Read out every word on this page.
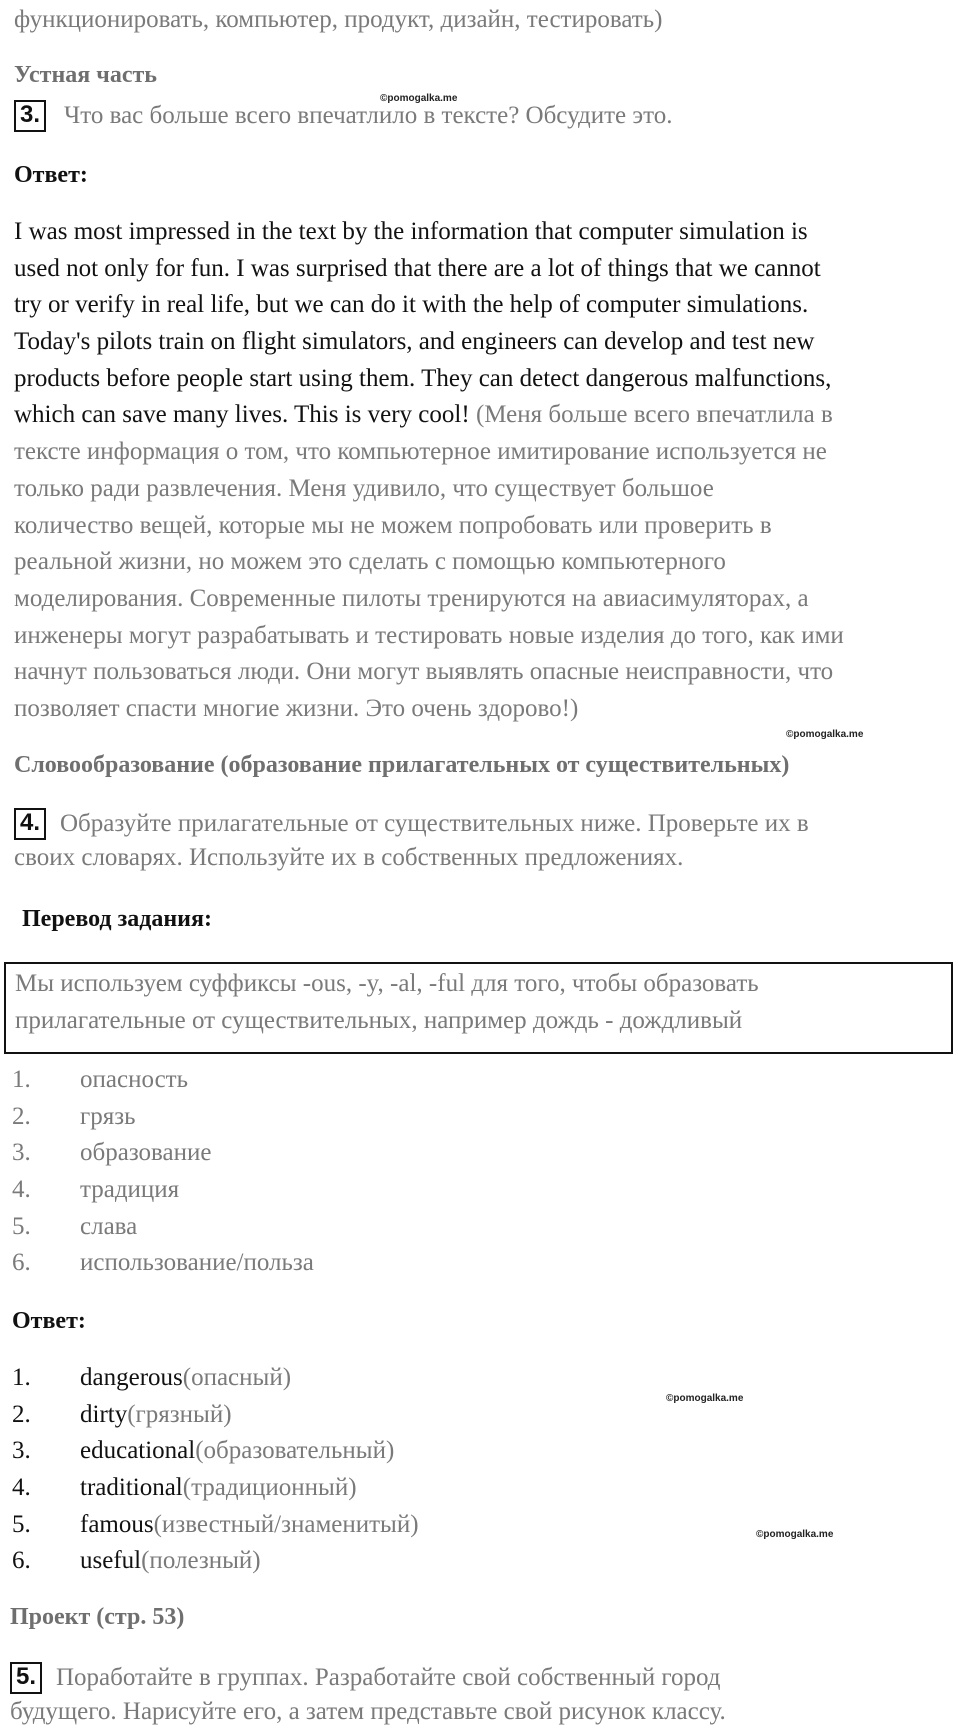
функционировать, компьютер, продукт, дизайн, тестировать)
Устная часть
©pomogalka.me
3. Что вас больше всего впечатлило в тексте? Обсудите это.
Ответ:
I was most impressed in the text by the information that computer simulation is
used not only for fun. I was surprised that there are a lot of things that we cannot
try or verify in real life, but we can do it with the help of computer simulations.
Today's pilots train on flight simulators, and engineers can develop and test new
products before people start using them. They can detect dangerous malfunctions,
which can save many lives. This is very cool! (Меня больше всего впечатлила в
тексте информация о том, что компьютерное имитирование используется не
только ради развлечения. Меня удивило, что существует большое
количество вещей, которые мы не можем попробовать или проверить в
реальной жизни, но можем это сделать с помощью компьютерного
моделирования. Современные пилоты тренируются на авиасимуляторах, а
инженеры могут разрабатывать и тестировать новые изделия до того, как ими
начнут пользоваться люди. Они могут выявлять опасные неисправности, что
позволяет спасти многие жизни. Это очень здорово!)
©pomogalka.me
Словообразование (образование прилагательных от существительных)
4. Образуйте прилагательные от существительных ниже. Проверьте их в
своих словарях. Используйте их в собственных предложениях.
Перевод задания:
Мы используем суффиксы -ous, -y, -al, -ful для того, чтобы образовать
прилагательные от существительных, например дождь - дождливый
1.	опасность
2.	грязь
3.	образование
4.	традиция
5.	слава
6.	использование/польза
Ответ:
1.	dangerous (опасный)
2.	dirty (грязный)
3.	educational (образовательный)
4.	traditional (традиционный)
5.	famous (известный/знаменитый)
6.	useful (полезный)
©pomogalka.me
©pomogalka.me
Проект (стр. 53)
5. Поработайте в группах. Разработайте свой собственный город
будущего. Нарисуйте его, а затем представьте свой рисунок классу.
